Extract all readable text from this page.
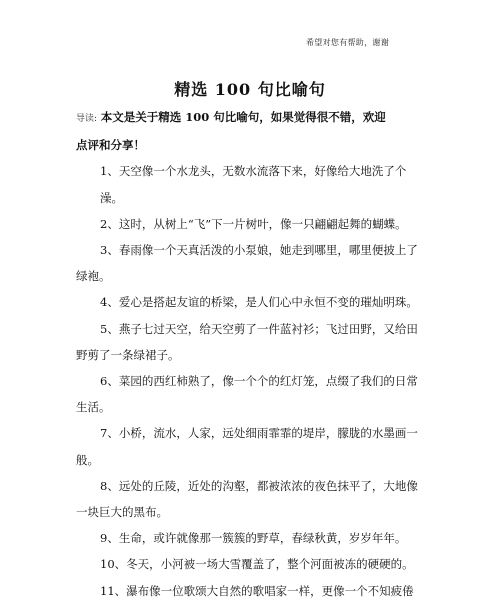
希望对您有帮助，谢谢
精选 100 句比喻句
导读: 本文是关于精选 100 句比喻句，如果觉得很不错，欢迎
点评和分享！
1、天空像一个水龙头，无数水流落下来，好像给大地洗了个澡。
2、这时，从树上“飞”下一片树叶，像一只翩翩起舞的蝴蝶。
3、春雨像一个天真活泼的小泵娘，她走到哪里，哪里便披上了
绿袍。
4、爱心是搭起友谊的桥梁，是人们心中永恒不变的璀灿明珠。
5、燕子七过天空，给天空剪了一件蓝衬衫；飞过田野，又给田
野剪了一条绿裙子。
6、菜园的西红柿熟了，像一个个的红灯笼，点缀了我们的日常
生活。
7、小桥，流水，人家，远处细雨霏霏的堤岸，朦胧的水墨画一
般。
8、远处的丘陵，近处的沟壑，都被浓浓的夜色抹平了，大地像
一块巨大的黑布。
9、生命，或许就像那一簇簇的野草，春绿秋黄，岁岁年年。
10、冬天，小河被一场大雪覆盖了，整个河面被冻的硬硬的。
11、瀑布像一位歌颂大自然的歌唱家一样，更像一个不知疲倦
